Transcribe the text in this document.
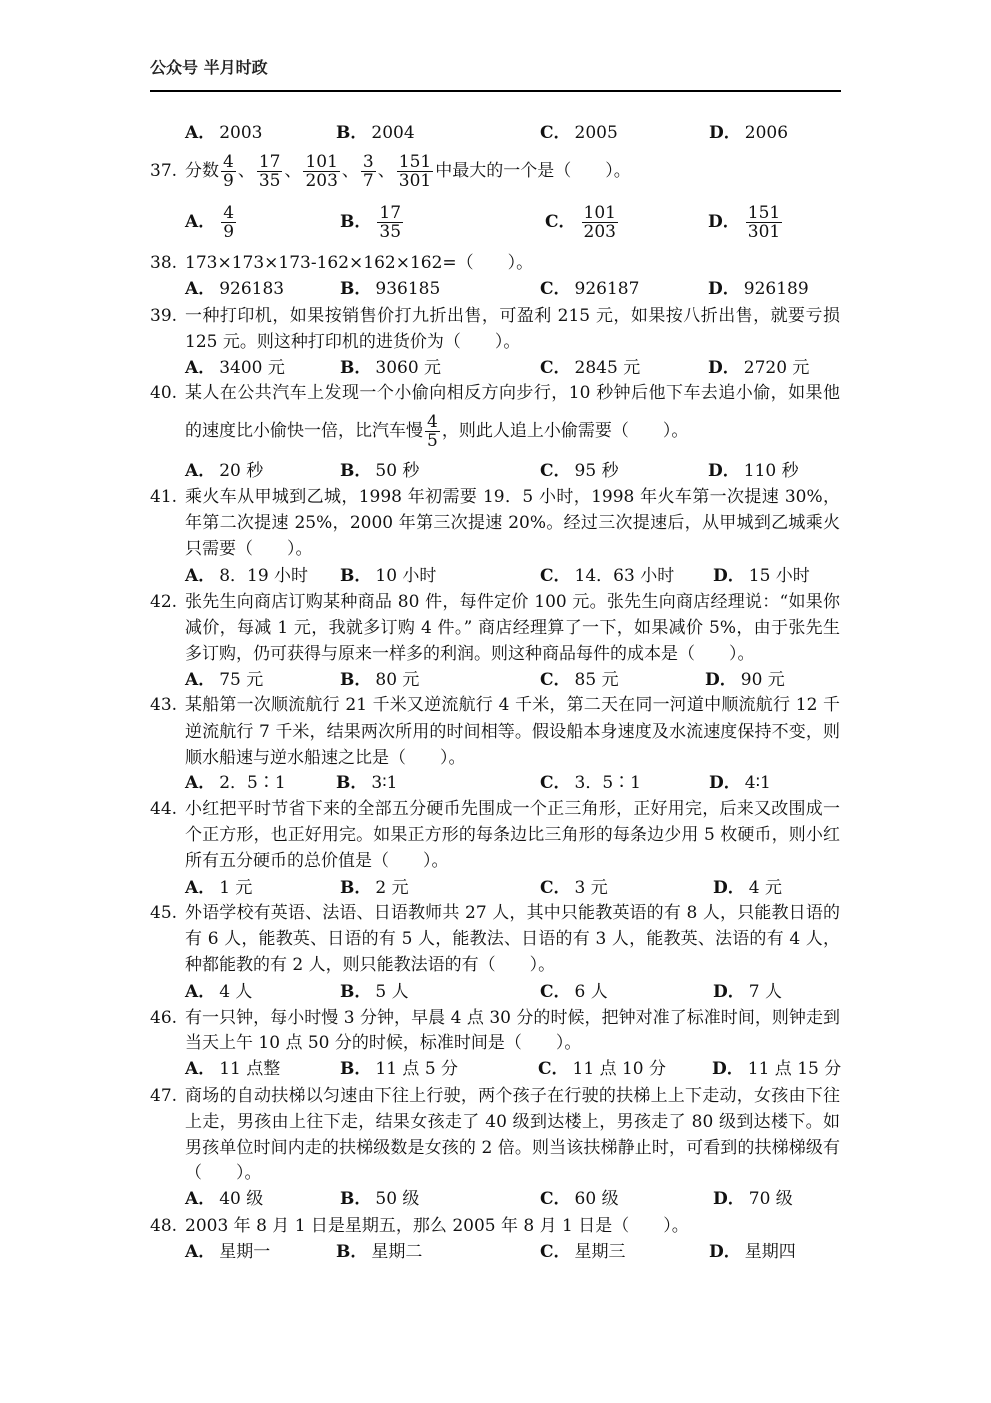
公众号 半月时政
A． 2003	B． 2004	C． 2005	D． 2006
37. 分数 $\frac{4}{9}$ 、 $\frac{17}{35}$ 、 $\frac{101}{203}$ 、 $\frac{3}{7}$ 、 $\frac{151}{301}$ 中最大的一个是（　　）。
A． $\frac{4}{9}$	B． $\frac{17}{35}$	C． $\frac{101}{203}$	D． $\frac{151}{301}$
38. 173×173×173-162×162×162=（　　）。
A． 926183	B． 936185	C． 926187	D． 926189
39. 一种打印机，如果按销售价打九折出售，可盈利 215 元，如果按八折出售，就要亏损
125 元。则这种打印机的进货价为（　　）。
A． 3400 元	B． 3060 元	C． 2845 元	D． 2720 元
40. 某人在公共汽车上发现一个小偷向相反方向步行，10 秒钟后他下车去追小偷，如果他
的速度比小偷快一倍，比汽车慢 $\frac{4}{5}$ ，则此人追上小偷需要（　　）。
A． 20 秒	B． 50 秒	C． 95 秒	D． 110 秒
41. 乘火车从甲城到乙城，1998 年初需要 19．5 小时，1998 年火车第一次提速 30%，
年第二次提速 25%，2000 年第三次提速 20%。经过三次提速后，从甲城到乙城乘火
只需要（　　）。
A． 8．19 小时 B． 10 小时	C． 14．63 小时 D． 15 小时
42. 张先生向商店订购某种商品 80 件，每件定价 100 元。张先生向商店经理说：“如果你
减价，每减 1 元，我就多订购 4 件。” 商店经理算了一下，如果减价 5%，由于张先生
多订购，仍可获得与原来一样多的利润。则这种商品每件的成本是（　　）。
A． 75 元	B． 80 元	C． 85 元	D． 90 元
43. 某船第一次顺流航行 21 千米又逆流航行 4 千米，第二天在同一河道中顺流航行 12 千
逆流航行 7 千米，结果两次所用的时间相等。假设船本身速度及水流速度保持不变，则
顺水船速与逆水船速之比是（　　）。
A． 2．5∶1	B． 3∶1	C． 3．5∶1	D． 4∶1
44. 小红把平时节省下来的全部五分硬币先围成一个正三角形，正好用完，后来又改围成一
个正方形，也正好用完。如果正方形的每条边比三角形的每条边少用 5 枚硬币，则小红
所有五分硬币的总价值是（　　）。
A． 1 元	B． 2 元	C． 3 元	D． 4 元
45. 外语学校有英语、法语、日语教师共 27 人，其中只能教英语的有 8 人，只能教日语的
有 6 人，能教英、日语的有 5 人，能教法、日语的有 3 人，能教英、法语的有 4 人，
种都能教的有 2 人，则只能教法语的有（　　）。
A． 4 人	B． 5 人	C． 6 人	D． 7 人
46. 有一只钟，每小时慢 3 分钟，早晨 4 点 30 分的时候，把钟对准了标准时间，则钟走到
当天上午 10 点 50 分的时候，标准时间是（　　）。
A． 11 点整	B． 11 点 5 分	C． 11 点 10 分	D． 11 点 15 分
47. 商场的自动扶梯以匀速由下往上行驶，两个孩子在行驶的扶梯上上下走动，女孩由下往
上走，男孩由上往下走，结果女孩走了 40 级到达楼上，男孩走了 80 级到达楼下。如
男孩单位时间内走的扶梯级数是女孩的 2 倍。则当该扶梯静止时，可看到的扶梯梯级有
（　　）。
A． 40 级	B． 50 级	C． 60 级	D． 70 级
48. 2003 年 8 月 1 日是星期五，那么 2005 年 8 月 1 日是（　　）。
A． 星期一	B． 星期二	C． 星期三	D． 星期四
